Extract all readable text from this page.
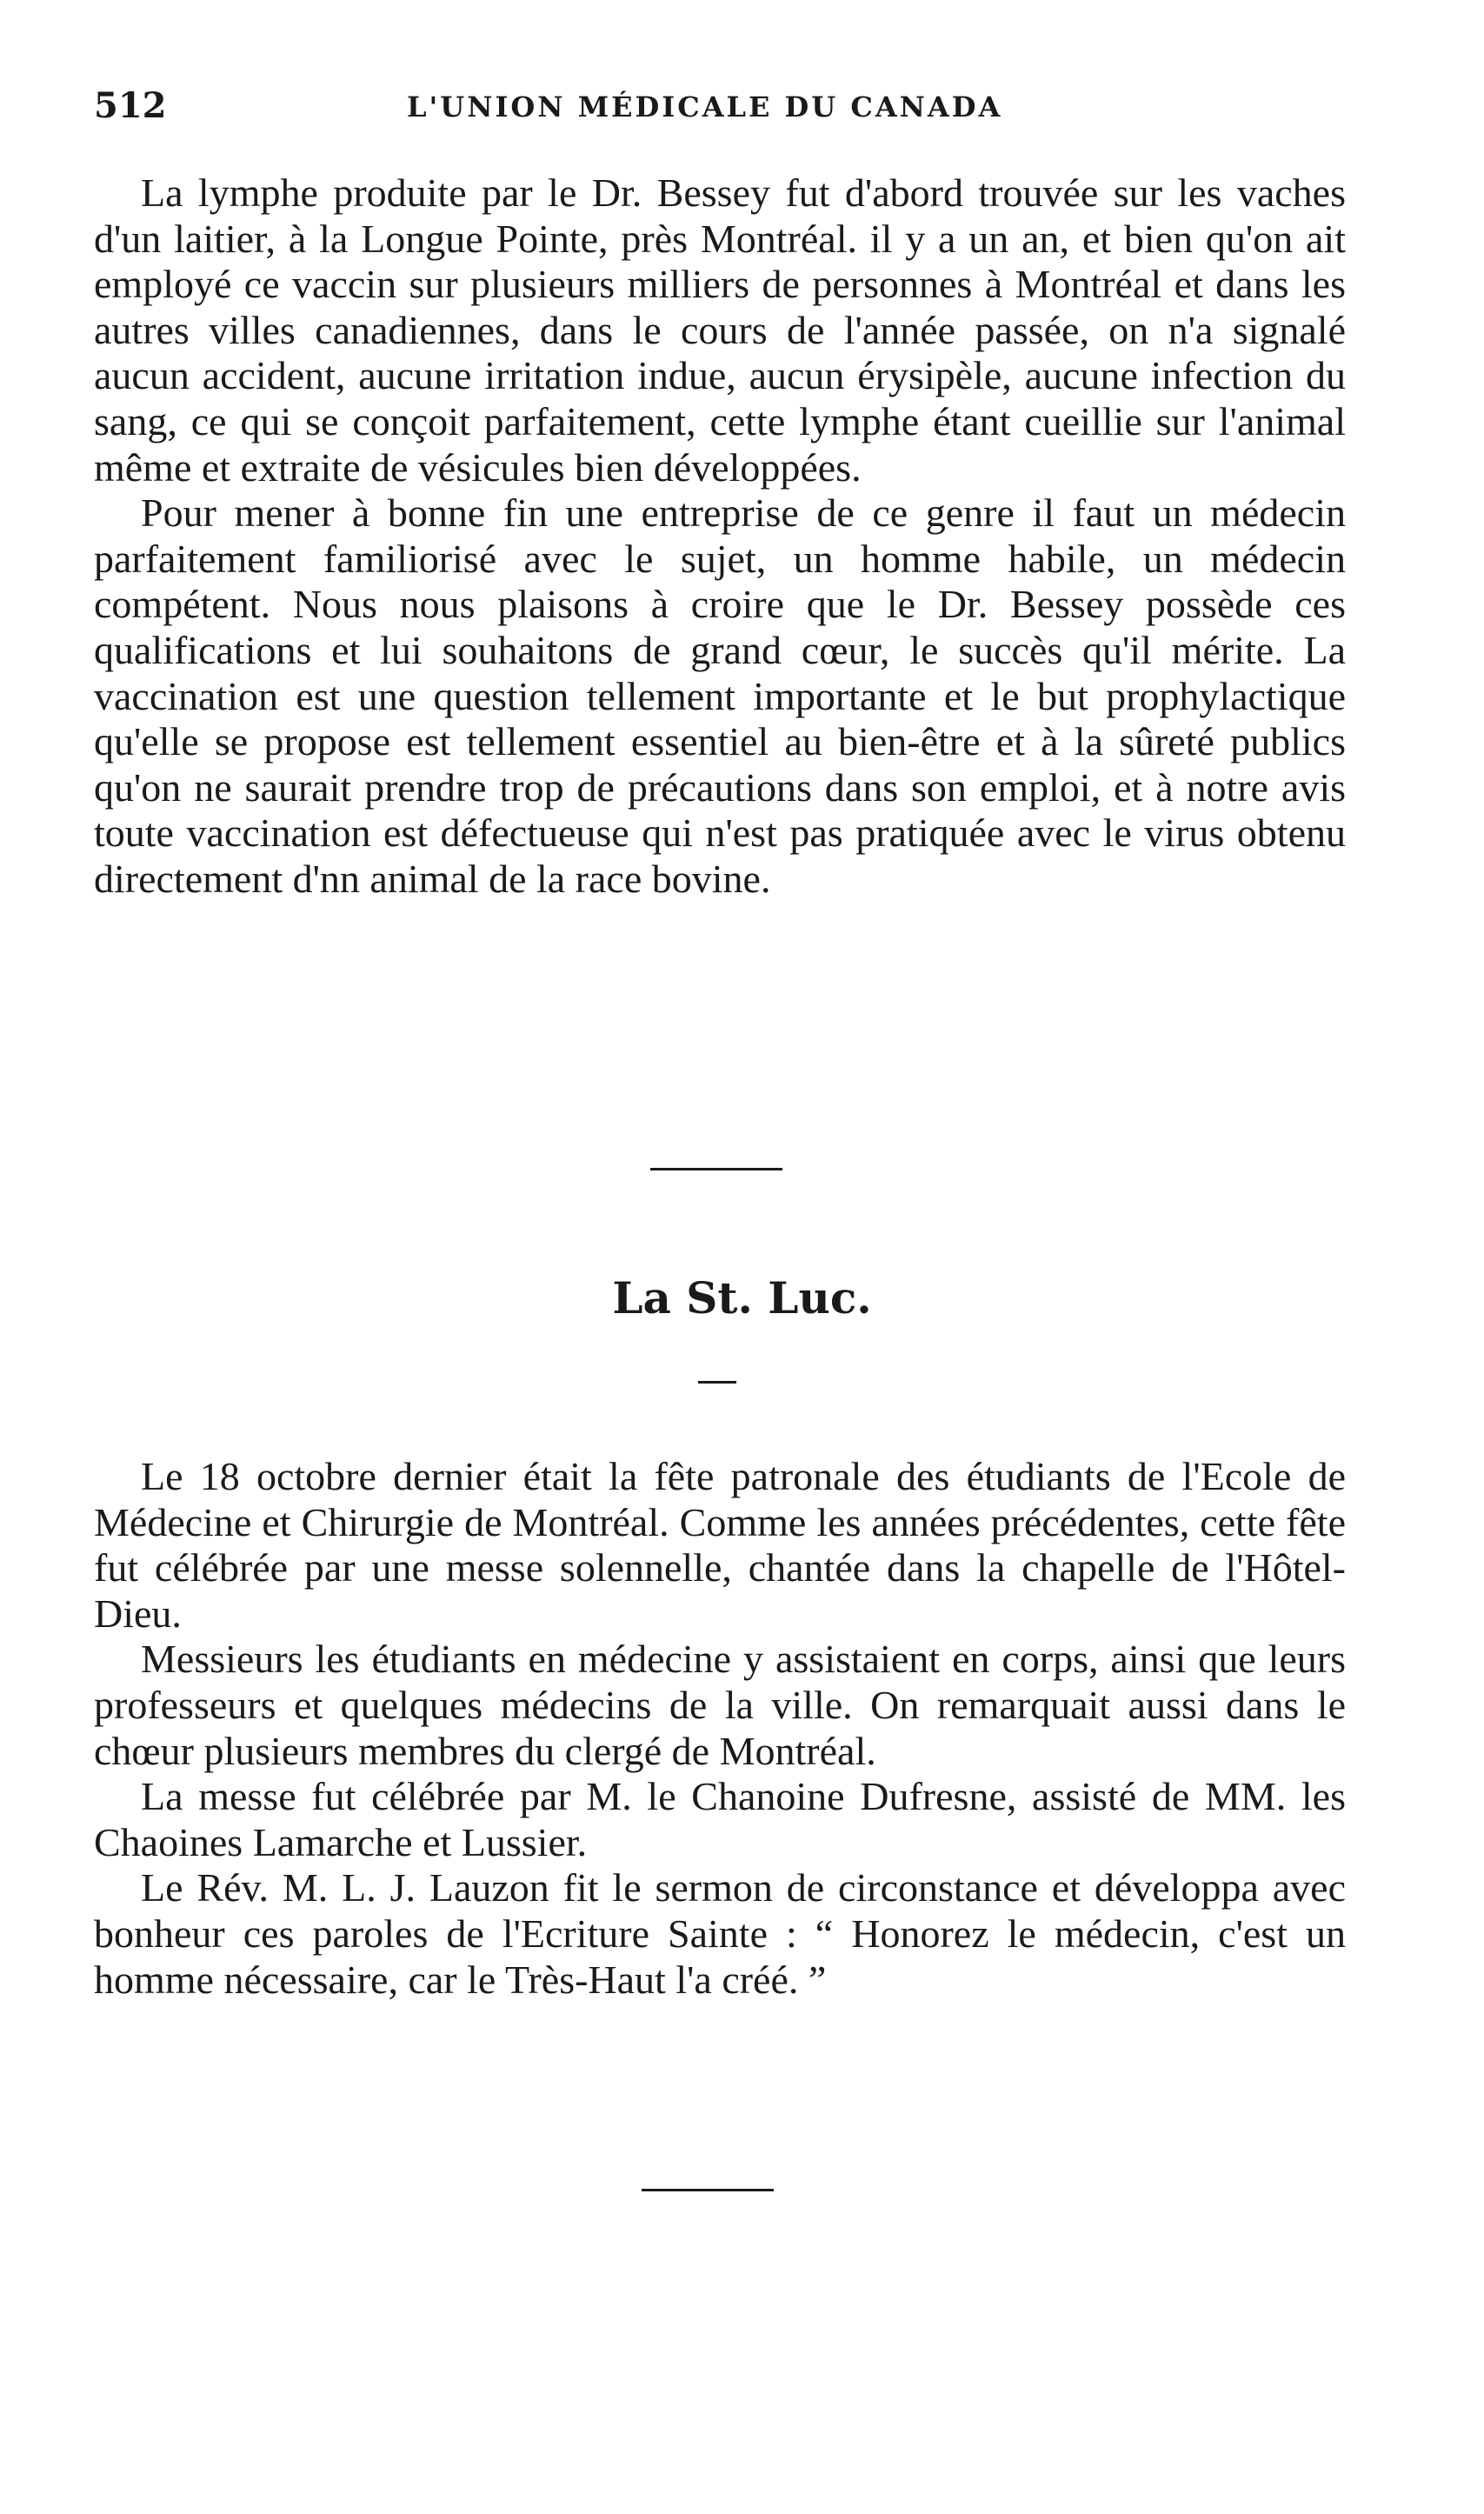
512	L'UNION MÉDICALE DU CANADA

La lymphe produite par le Dr. Bessey fut d'abord trouvée sur les vaches d'un laitier, à la Longue Pointe, près Montréal. il y a un an, et bien qu'on ait employé ce vaccin sur plusieurs milliers de personnes à Montréal et dans les autres villes canadiennes, dans le cours de l'année passée, on n'a signalé aucun accident, aucune irritation indue, aucun érysipèle, aucune infection du sang, ce qui se conçoit parfaitement, cette lymphe étant cueillie sur l'animal même et extraite de vésicules bien développées.

Pour mener à bonne fin une entreprise de ce genre il faut un médecin parfaitement familiorisé avec le sujet, un homme habile, un médecin compétent. Nous nous plaisons à croire que le Dr. Bessey possède ces qualifications et lui souhaitons de grand cœur, le succès qu'il mérite. La vaccination est une question tellement importante et le but prophylactique qu'elle se propose est tellement essentiel au bien-être et à la sûreté publics qu'on ne saurait prendre trop de précautions dans son emploi, et à notre avis toute vaccination est défectueuse qui n'est pas pratiquée avec le virus obtenu directement d'nn animal de la race bovine.

La St. Luc.

Le 18 octobre dernier était la fête patronale des étudiants de l'Ecole de Médecine et Chirurgie de Montréal. Comme les années précédentes, cette fête fut célébrée par une messe solennelle, chantée dans la chapelle de l'Hôtel-Dieu.

Messieurs les étudiants en médecine y assistaient en corps, ainsi que leurs professeurs et quelques médecins de la ville. On remarquait aussi dans le chœur plusieurs membres du clergé de Montréal.

La messe fut célébrée par M. le Chanoine Dufresne, assisté de MM. les Chaoines Lamarche et Lussier.

Le Rév. M. L. J. Lauzon fit le sermon de circonstance et développa avec bonheur ces paroles de l'Ecriture Sainte : “ Honorez le médecin, c'est un homme nécessaire, car le Très-Haut l'a créé. ”
